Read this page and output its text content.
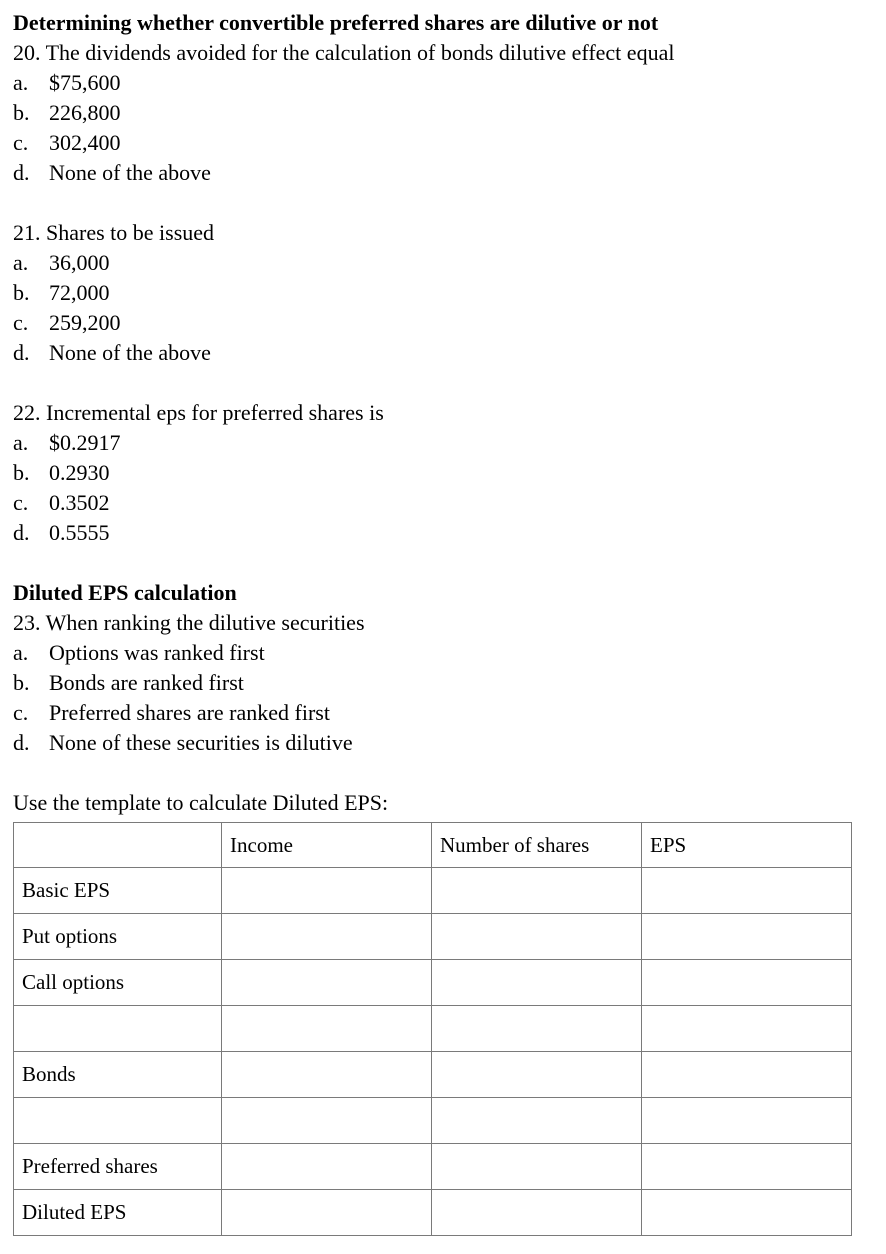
Determining whether convertible preferred shares are dilutive or not
20. The dividends avoided for the calculation of bonds dilutive effect equal
a. $75,600
b. 226,800
c. 302,400
d. None of the above
21. Shares to be issued
a. 36,000
b. 72,000
c. 259,200
d. None of the above
22. Incremental eps for preferred shares is
a. $0.2917
b. 0.2930
c. 0.3502
d. 0.5555
Diluted EPS calculation
23. When ranking the dilutive securities
a. Options was ranked first
b. Bonds are ranked first
c. Preferred shares are ranked first
d. None of these securities is dilutive
Use the template to calculate Diluted EPS:
	Income	Number of shares	EPS
Basic EPS			
Put options			
Call options			

Bonds			

Preferred shares			
Diluted EPS			
